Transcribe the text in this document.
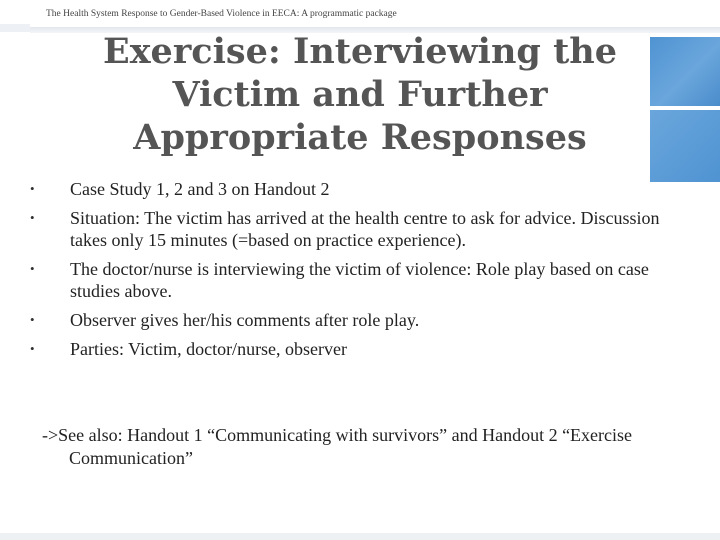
The Health System Response to Gender-Based Violence in EECA: A programmatic package
Exercise: Interviewing the Victim and Further Appropriate Responses
•	Case Study 1, 2 and 3 on Handout 2
•	Situation: The victim has arrived at the health centre to ask for advice. Discussion takes only 15 minutes (=based on practice experience).
•	The doctor/nurse is interviewing the victim of violence: Role play based on case studies above.
•	Observer gives her/his comments after role play.
•	Parties: Victim, doctor/nurse, observer

->See also: Handout 1 “Communicating with survivors” and Handout 2 “Exercise Communication”
